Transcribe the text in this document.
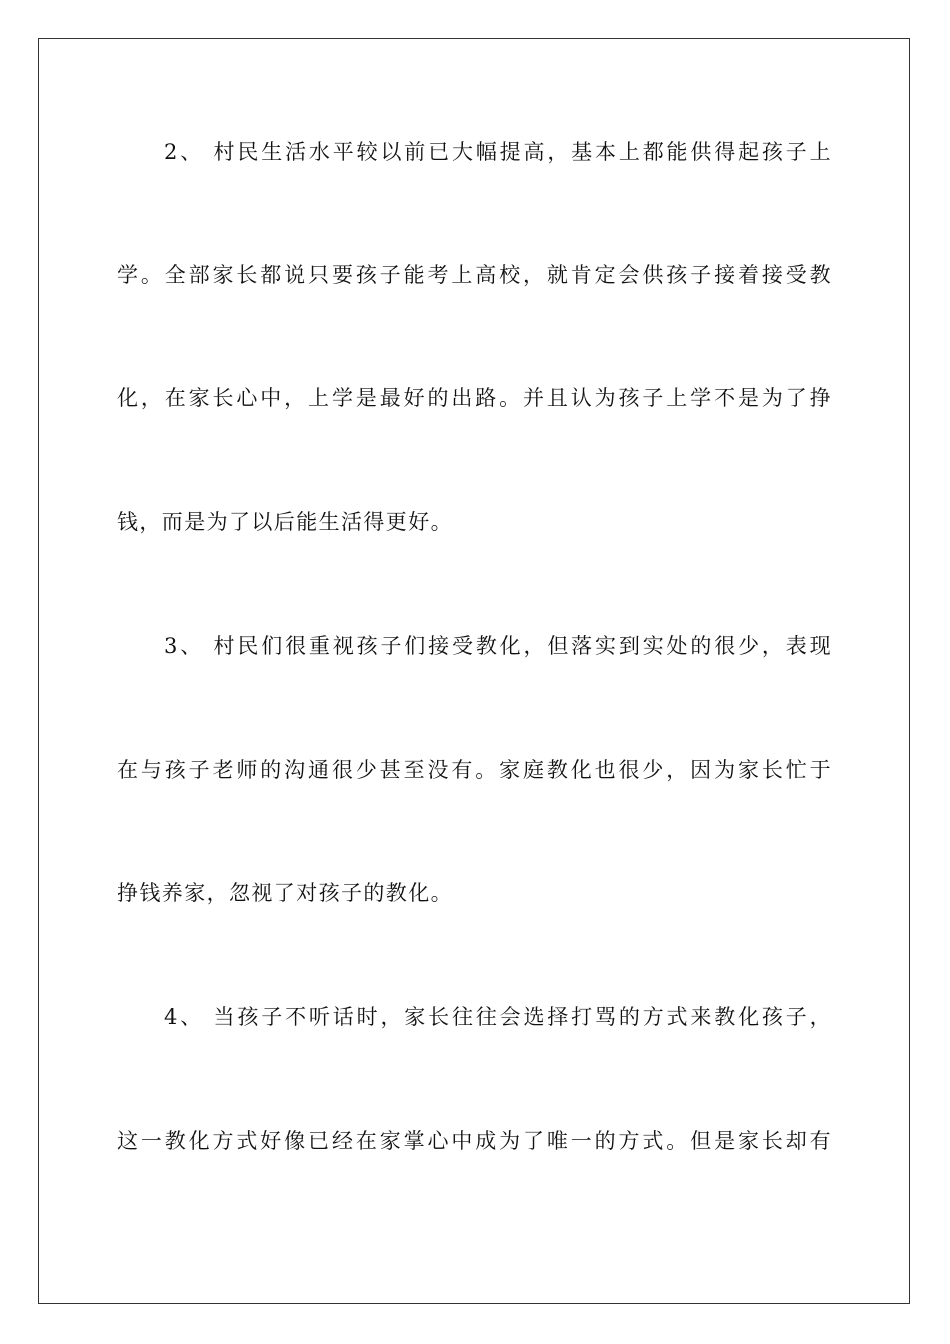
2、 村民生活水平较以前已大幅提高，基本上都能供得起孩子上
学。全部家长都说只要孩子能考上高校，就肯定会供孩子接着接受教
化，在家长心中，上学是最好的出路。并且认为孩子上学不是为了挣
钱，而是为了以后能生活得更好。
3、 村民们很重视孩子们接受教化，但落实到实处的很少，表现
在与孩子老师的沟通很少甚至没有。家庭教化也很少，因为家长忙于
挣钱养家，忽视了对孩子的教化。
4、 当孩子不听话时，家长往往会选择打骂的方式来教化孩子，
这一教化方式好像已经在家掌心中成为了唯一的方式。但是家长却有
